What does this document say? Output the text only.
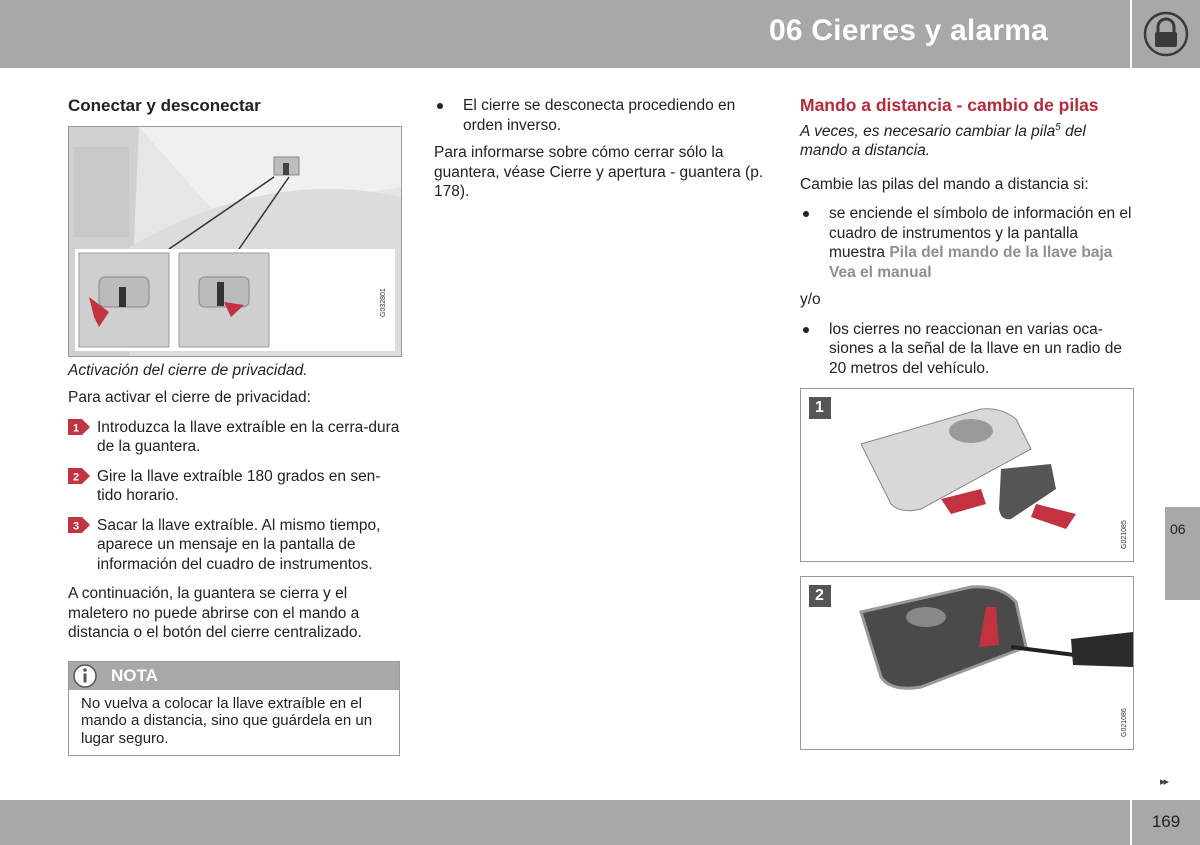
06 Cierres y alarma
Conectar y desconectar
G032801
Activación del cierre de privacidad.

Para activar el cierre de privacidad:

1 Introduzca la llave extraíble en la cerra-dura de la guantera.
2 Gire la llave extraíble 180 grados en sen-tido horario.
3 Sacar la llave extraíble. Al mismo tiempo, aparece un mensaje en la pantalla de información del cuadro de instrumentos.

A continuación, la guantera se cierra y el maletero no puede abrirse con el mando a distancia o el botón del cierre centralizado.

NOTA
No vuelva a colocar la llave extraíble en el mando a distancia, sino que guárdela en un lugar seguro.
El cierre se desconecta procediendo en orden inverso.

Para informarse sobre cómo cerrar sólo la guantera, véase Cierre y apertura - guantera (p. 178).

Mando a distancia - cambio de pilas

A veces, es necesario cambiar la pila$^5$ del mando a distancia.

Cambie las pilas del mando a distancia si:

se enciende el símbolo de información en el cuadro de instrumentos y la pantalla muestra Pila del mando de la llave baja Vea el manual

y/o

los cierres no reaccionan en varias oca-siones a la señal de la llave en un radio de 20 metros del vehículo.
1
G021085
2
G021086
06
▸▸
169
